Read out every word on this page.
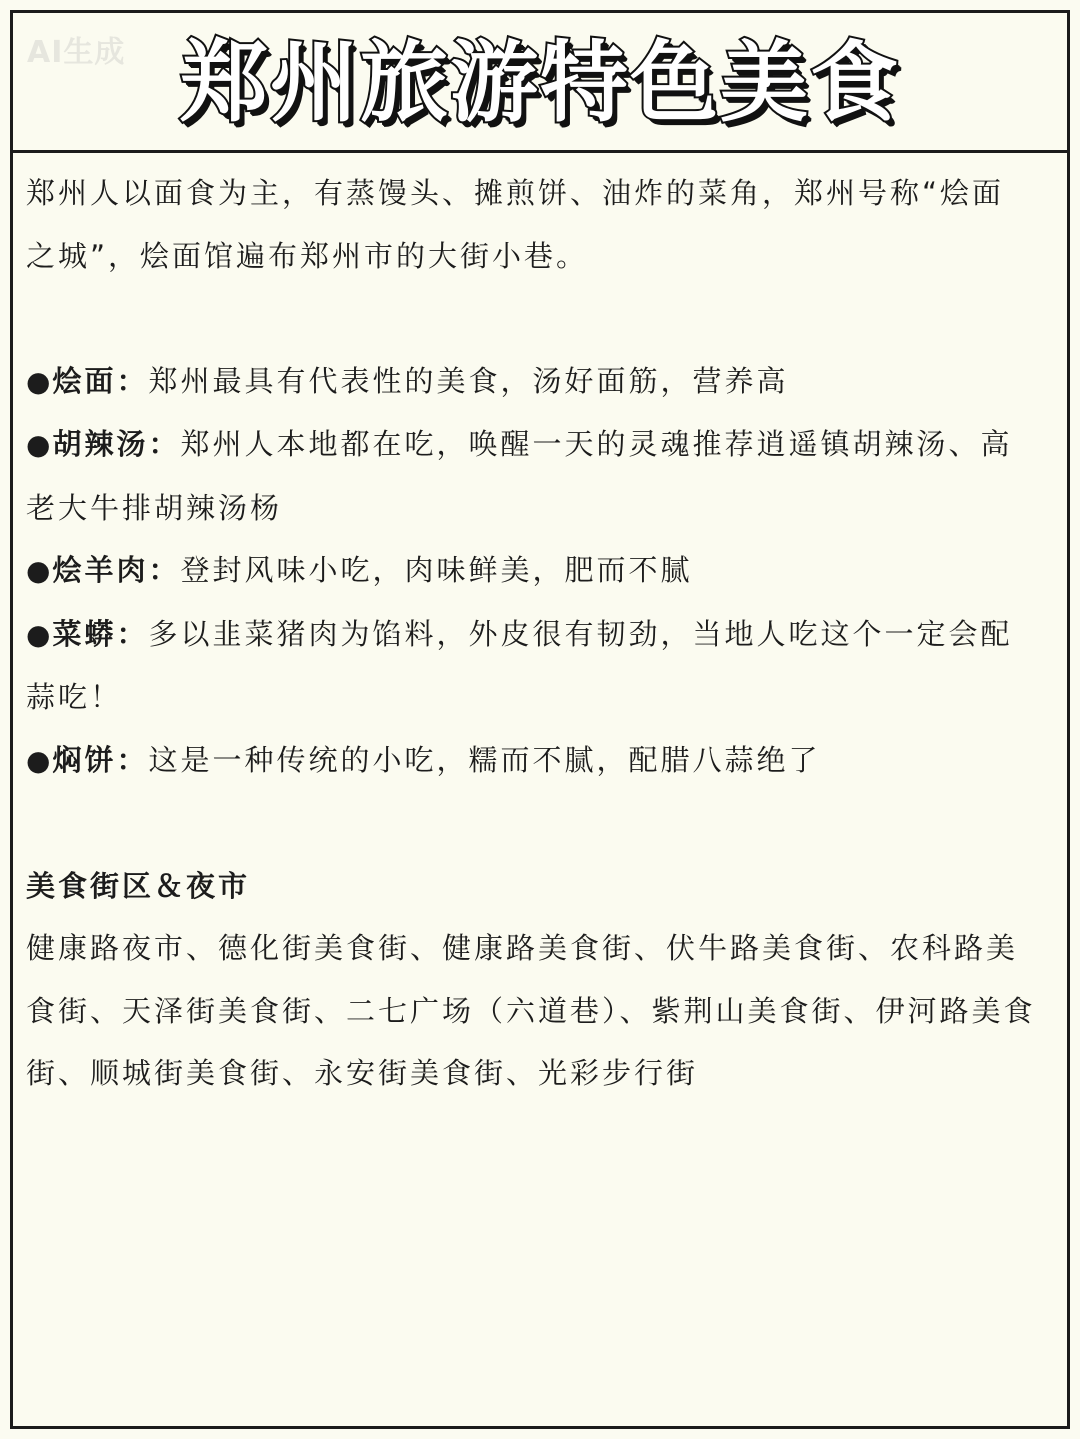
AI生成 郑州旅游特色美食

郑州人以面食为主，有蒸馒头、摊煎饼、油炸的菜角，郑州号称“烩面之城”，烩面馆遍布郑州市的大街小巷。

●烩面：郑州最具有代表性的美食，汤好面筋，营养高

●胡辣汤：郑州人本地都在吃，唤醒一天的灵魂推荐逍遥镇胡辣汤、高老大牛排胡辣汤杨

●烩羊肉：登封风味小吃，肉味鲜美，肥而不腻

●菜蟒：多以韭菜猪肉为馅料，外皮很有韧劲，当地人吃这个一定会配蒜吃！

●焖饼：这是一种传统的小吃，糯而不腻，配腊八蒜绝了

美食街区＆夜市

健康路夜市、德化街美食街、健康路美食街、伏牛路美食街、农科路美食街、天泽街美食街、二七广场（六道巷）、紫荆山美食街、伊河路美食街、顺城街美食街、永安街美食街、光彩步行街
